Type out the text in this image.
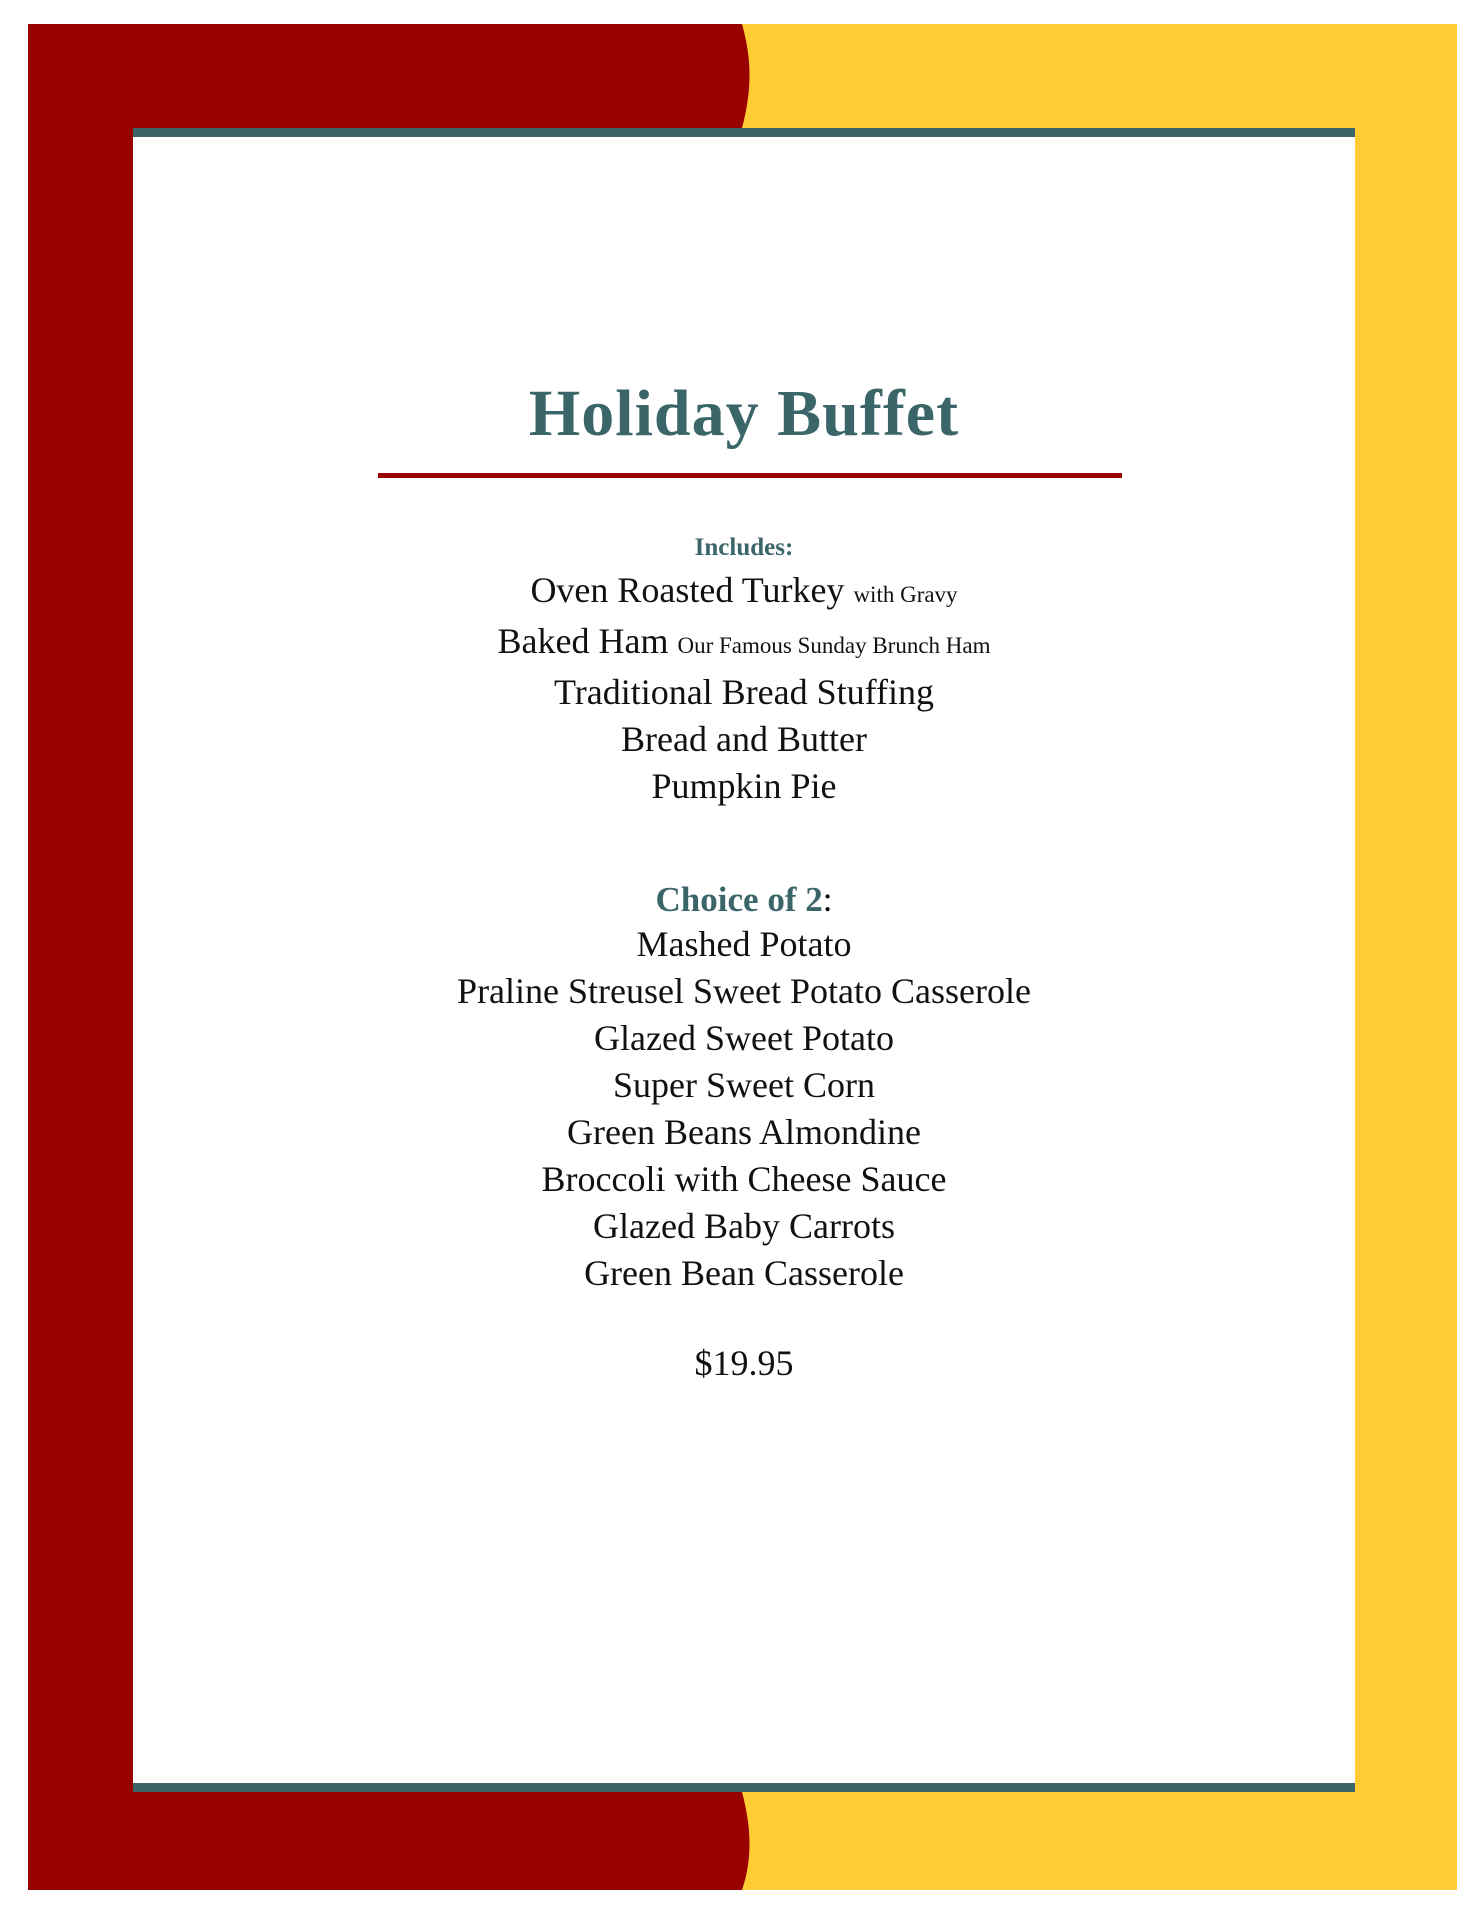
Holiday Buffet
Includes:
Oven Roasted Turkey with Gravy
Baked Ham Our Famous Sunday Brunch Ham
Traditional Bread Stuffing
Bread and Butter
Pumpkin Pie
Choice of 2:
Mashed Potato
Praline Streusel Sweet Potato Casserole
Glazed Sweet Potato
Super Sweet Corn
Green Beans Almondine
Broccoli with Cheese Sauce
Glazed Baby Carrots
Green Bean Casserole
$19.95
